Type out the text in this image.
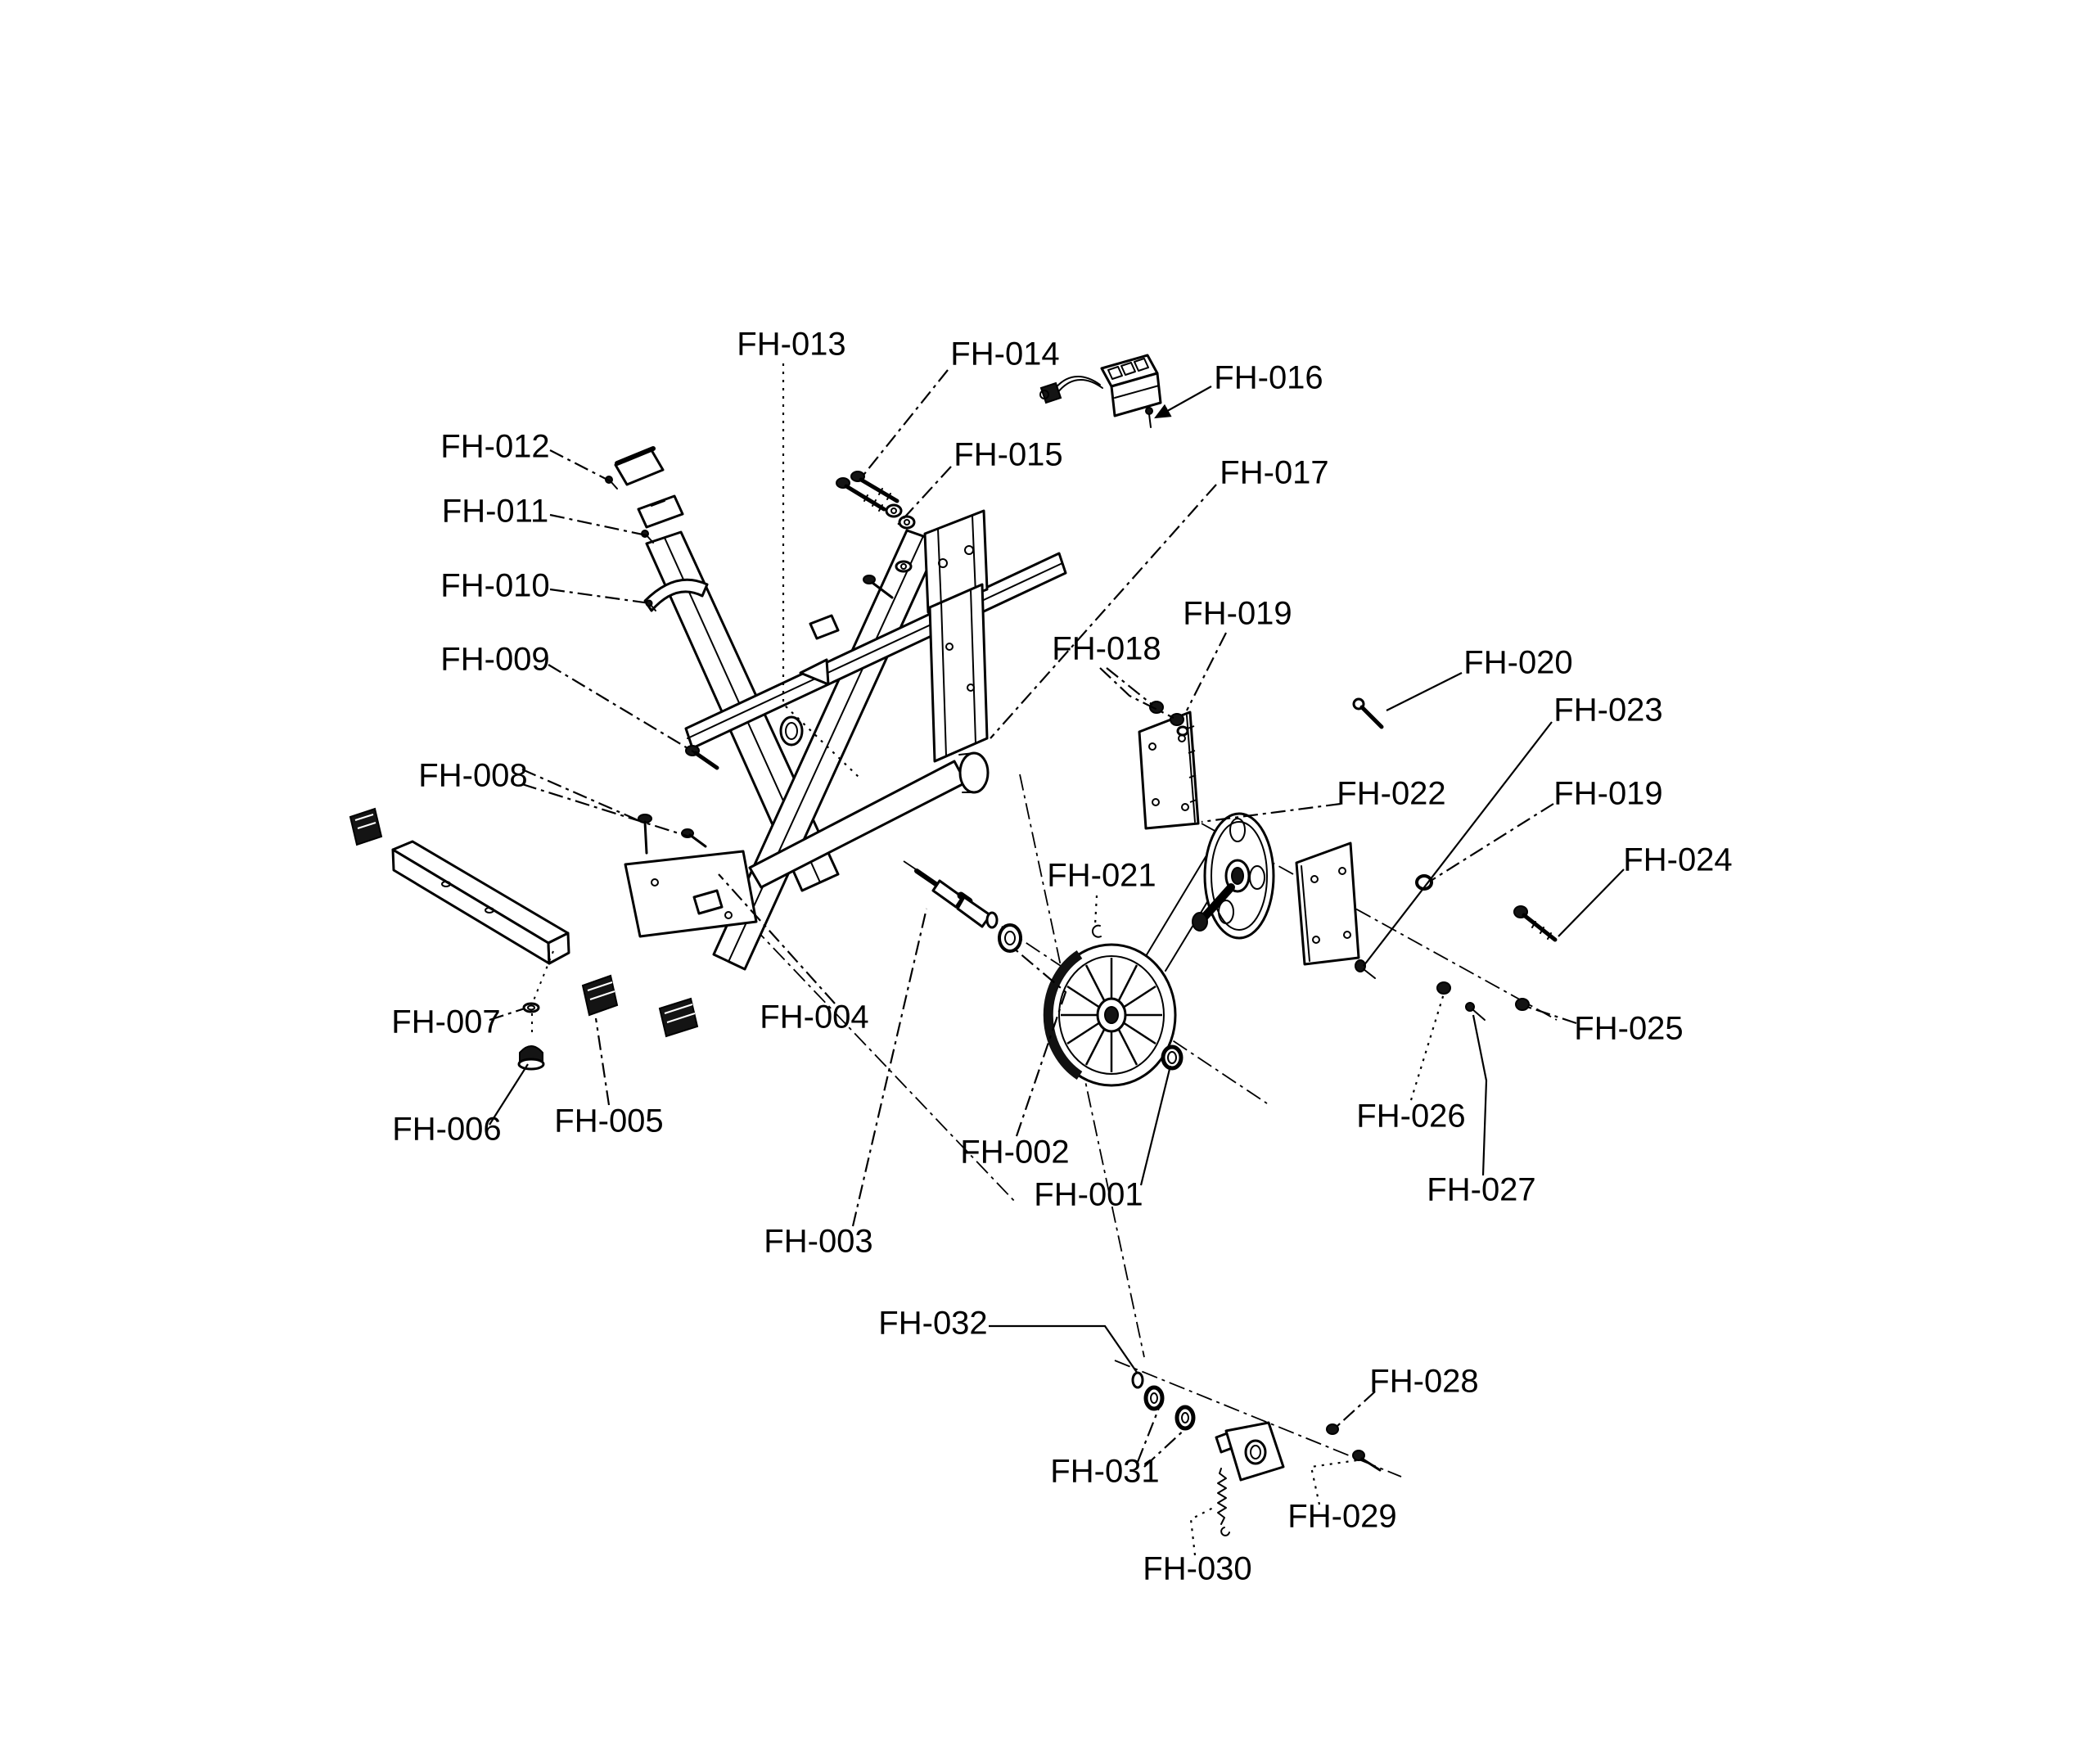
FH-013	FH-014
FH-016
FH-012	FH-015
FH-011
FH-017
FH-010
FH-019
FH-018
FH-009	FH-020
FH-023
FH-008	FH-022	FH-019
FH-024
FH-021
FH-004
FH-007	FH-025
FH-026
FH-005
FH-002
FH-006
FH-001	FH-027
FH-003
FH-032
FH-028
FH-031
FH-029
FH-030
